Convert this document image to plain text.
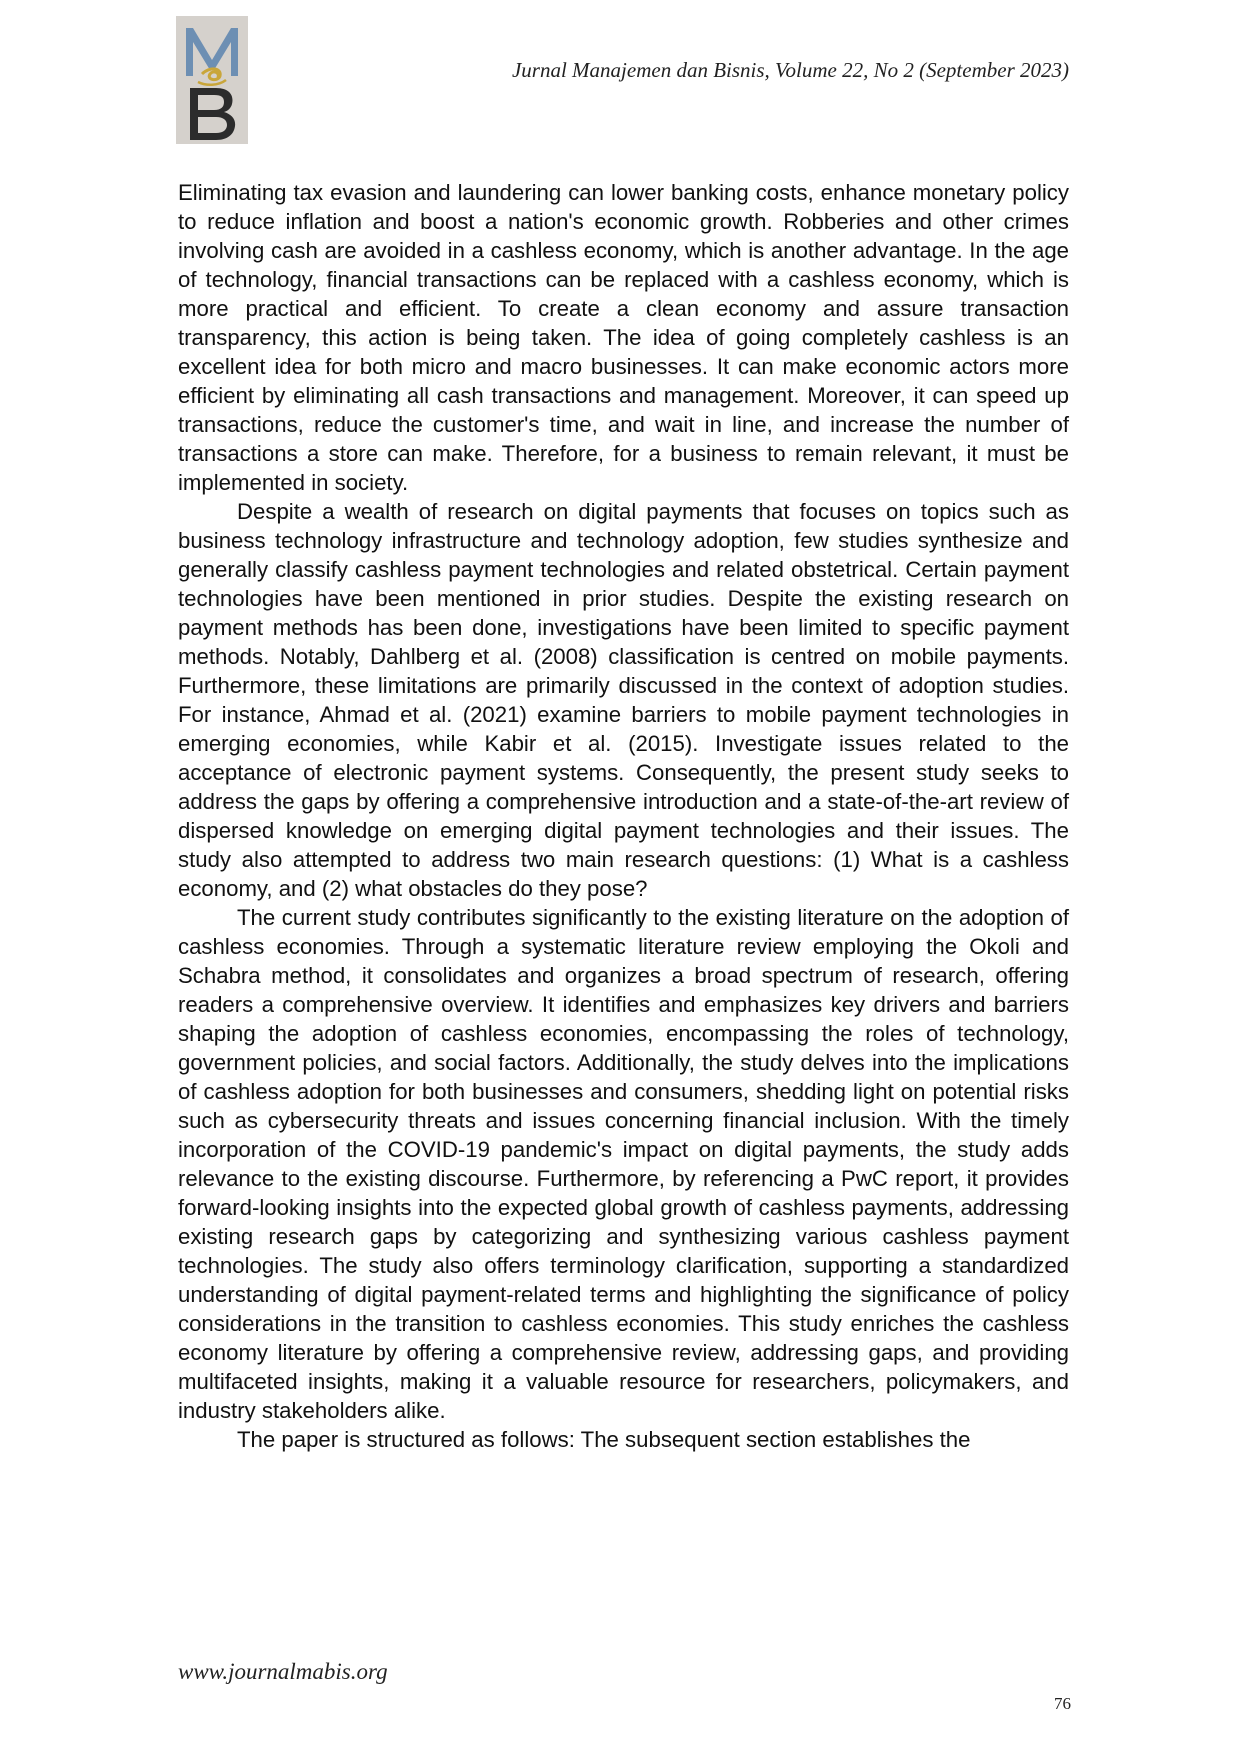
Jurnal Manajemen dan Bisnis, Volume 22, No 2 (September 2023)

Eliminating tax evasion and laundering can lower banking costs, enhance monetary policy to reduce inflation and boost a nation's economic growth. Robberies and other crimes involving cash are avoided in a cashless economy, which is another advantage. In the age of technology, financial transactions can be replaced with a cashless economy, which is more practical and efficient. To create a clean economy and assure transaction transparency, this action is being taken. The idea of going completely cashless is an excellent idea for both micro and macro businesses. It can make economic actors more efficient by eliminating all cash transactions and management. Moreover, it can speed up transactions, reduce the customer's time, and wait in line, and increase the number of transactions a store can make. Therefore, for a business to remain relevant, it must be implemented in society.

Despite a wealth of research on digital payments that focuses on topics such as business technology infrastructure and technology adoption, few studies synthesize and generally classify cashless payment technologies and related obstetrical. Certain payment technologies have been mentioned in prior studies. Despite the existing research on payment methods has been done, investigations have been limited to specific payment methods. Notably, Dahlberg et al. (2008) classification is centred on mobile payments. Furthermore, these limitations are primarily discussed in the context of adoption studies. For instance, Ahmad et al. (2021) examine barriers to mobile payment technologies in emerging economies, while Kabir et al. (2015). Investigate issues related to the acceptance of electronic payment systems. Consequently, the present study seeks to address the gaps by offering a comprehensive introduction and a state-of-the-art review of dispersed knowledge on emerging digital payment technologies and their issues. The study also attempted to address two main research questions: (1) What is a cashless economy, and (2) what obstacles do they pose?

The current study contributes significantly to the existing literature on the adoption of cashless economies. Through a systematic literature review employing the Okoli and Schabra method, it consolidates and organizes a broad spectrum of research, offering readers a comprehensive overview. It identifies and emphasizes key drivers and barriers shaping the adoption of cashless economies, encompassing the roles of technology, government policies, and social factors. Additionally, the study delves into the implications of cashless adoption for both businesses and consumers, shedding light on potential risks such as cybersecurity threats and issues concerning financial inclusion. With the timely incorporation of the COVID-19 pandemic's impact on digital payments, the study adds relevance to the existing discourse. Furthermore, by referencing a PwC report, it provides forward-looking insights into the expected global growth of cashless payments, addressing existing research gaps by categorizing and synthesizing various cashless payment technologies. The study also offers terminology clarification, supporting a standardized understanding of digital payment-related terms and highlighting the significance of policy considerations in the transition to cashless economies. This study enriches the cashless economy literature by offering a comprehensive review, addressing gaps, and providing multifaceted insights, making it a valuable resource for researchers, policymakers, and industry stakeholders alike.

The paper is structured as follows: The subsequent section establishes the

www.journalmabis.org
76
